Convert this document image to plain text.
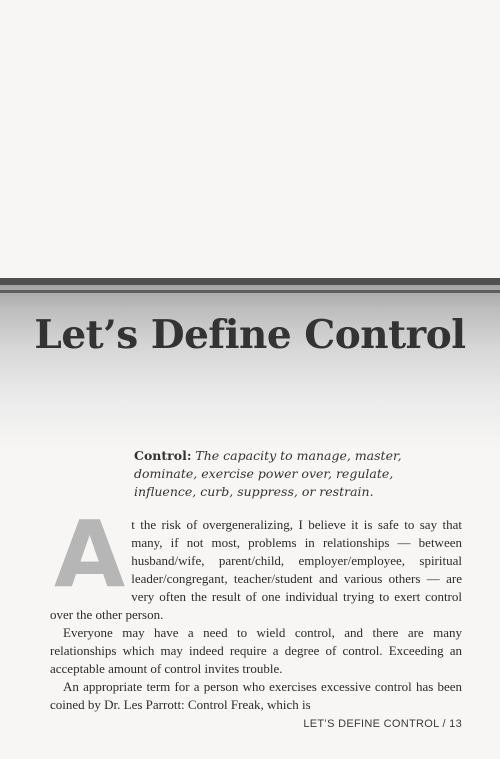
Let’s Define Control
Control: The capacity to manage, master, dominate, exercise power over, regulate, influence, curb, suppress, or restrain.

At the risk of overgeneralizing, I believe it is safe to say that many, if not most, problems in relationships — between husband/wife, parent/child, employer/employee, spiritual leader/congregant, teacher/student and various others — are very often the result of one individual trying to exert control over the other person.

Everyone may have a need to wield control, and there are many relationships which may indeed require a degree of control. Exceeding an acceptable amount of control invites trouble.

An appropriate term for a person who exercises excessive control has been coined by Dr. Les Parrott: Control Freak, which is

LET’S DEFINE CONTROL / 13
